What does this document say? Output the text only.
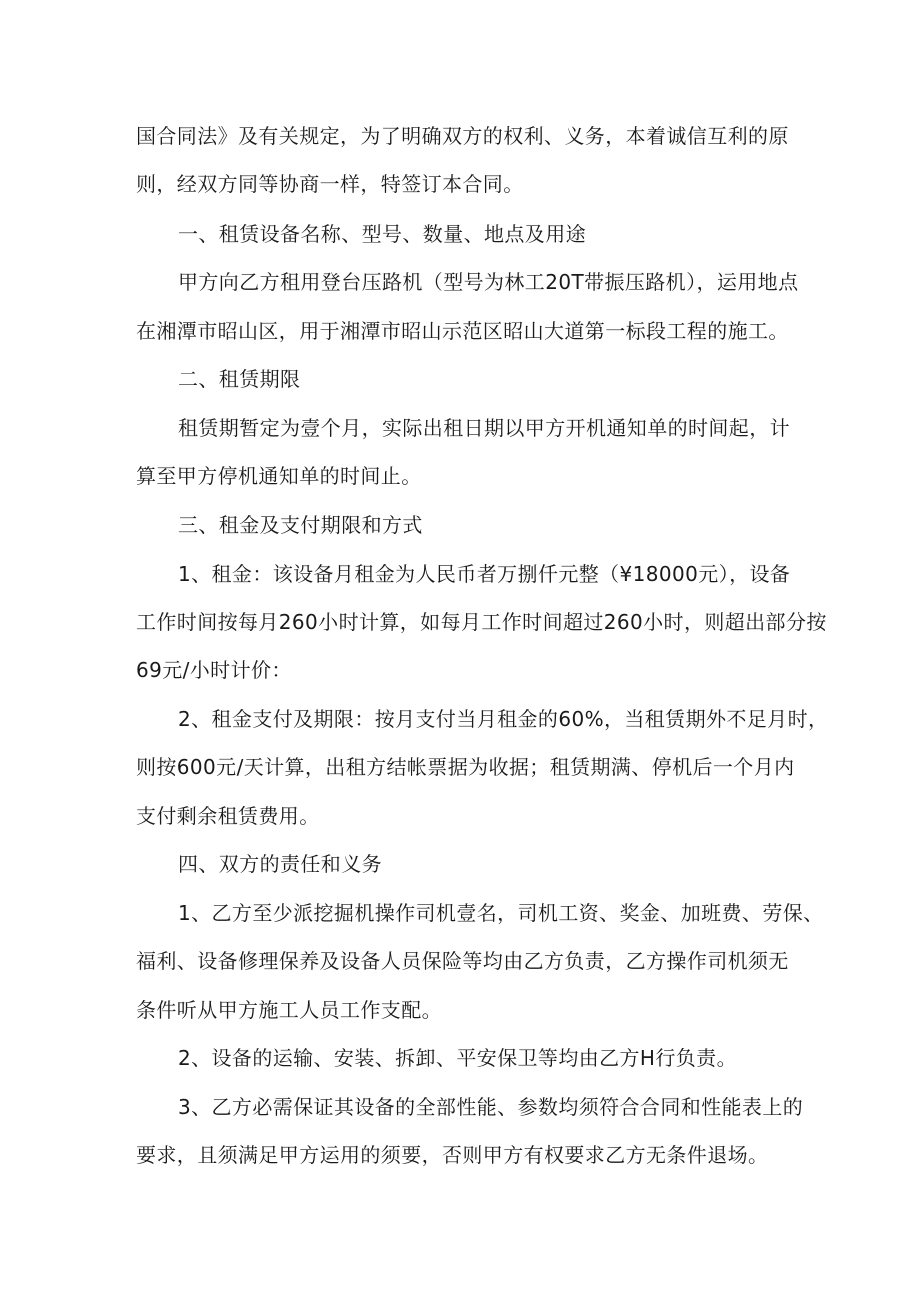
国合同法》及有关规定，为了明确双方的权利、义务，本着诚信互利的原
则，经双方同等协商一样，特签订本合同。
一、租赁设备名称、型号、数量、地点及用途
甲方向乙方租用登台压路机（型号为林工20T带振压路机），运用地点
在湘潭市昭山区，用于湘潭市昭山示范区昭山大道第一标段工程的施工。
二、租赁期限
租赁期暂定为壹个月，实际出租日期以甲方开机通知单的时间起，计
算至甲方停机通知单的时间止。
三、租金及支付期限和方式
1、租金：该设备月租金为人民币者万捌仟元整（¥18000元），设备
工作时间按每月260小时计算，如每月工作时间超过260小时，则超出部分按
69元/小时计价：
2、租金支付及期限：按月支付当月租金的60%，当租赁期外不足月时，
则按600元/天计算，出租方结帐票据为收据；租赁期满、停机后一个月内
支付剩余租赁费用。
四、双方的责任和义务
1、乙方至少派挖掘机操作司机壹名，司机工资、奖金、加班费、劳保、
福利、设备修理保养及设备人员保险等均由乙方负责，乙方操作司机须无
条件听从甲方施工人员工作支配。
2、设备的运输、安装、拆卸、平安保卫等均由乙方H行负责。
3、乙方必需保证其设备的全部性能、参数均须符合合同和性能表上的
要求，且须满足甲方运用的须要，否则甲方有权要求乙方无条件退场。
